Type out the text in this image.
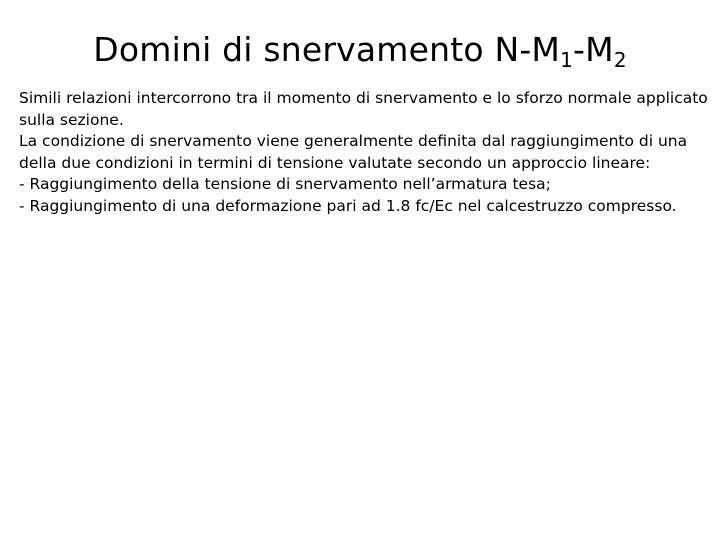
Domini di snervamento $N-M_1-M_2$

Simili relazioni intercorrono tra il momento di snervamento e lo sforzo normale applicato sulla sezione.

La condizione di snervamento viene generalmente definita dal raggiungimento di una della due condizioni in termini di tensione valutate secondo un approccio lineare:

- Raggiungimento della tensione di snervamento nell’armatura tesa;

- Raggiungimento di una deformazione pari ad 1.8 fc/Ec nel calcestruzzo compresso.
